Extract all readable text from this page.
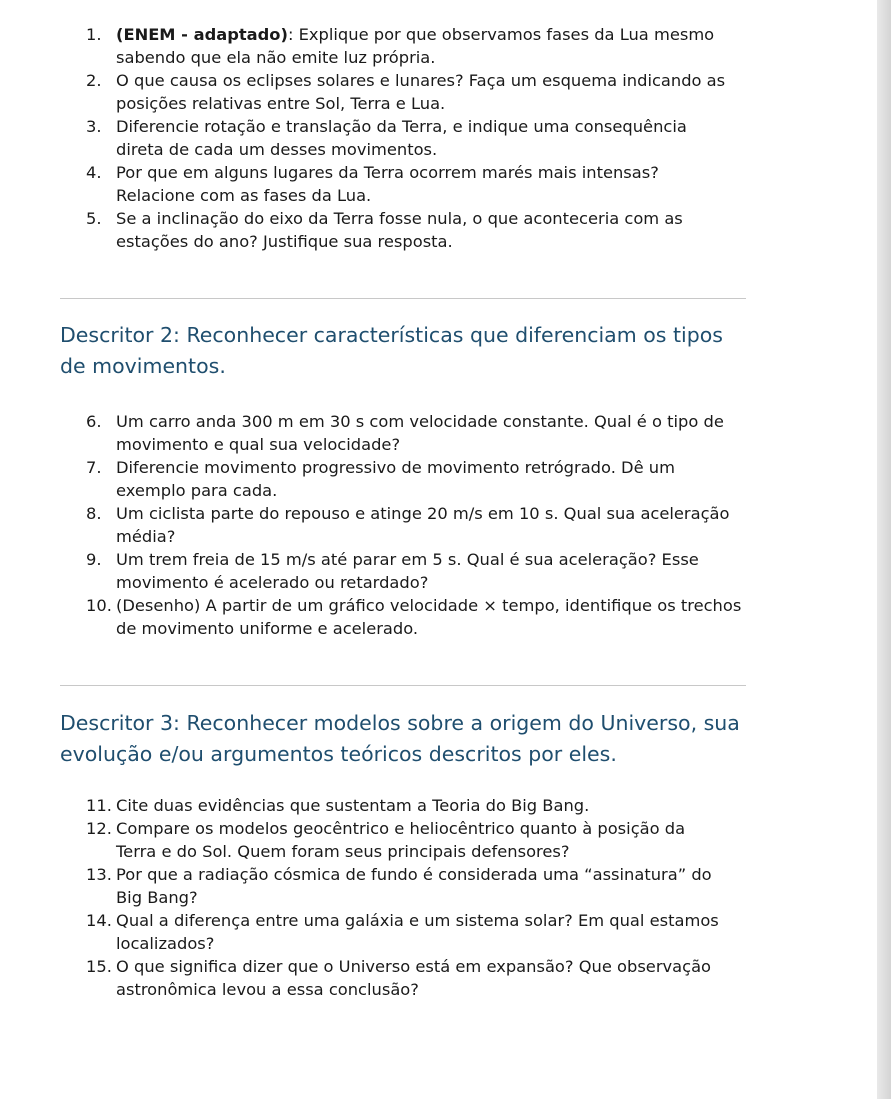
1. (ENEM - adaptado): Explique por que observamos fases da Lua mesmo sabendo que ela não emite luz própria.
2. O que causa os eclipses solares e lunares? Faça um esquema indicando as posições relativas entre Sol, Terra e Lua.
3. Diferencie rotação e translação da Terra, e indique uma consequência direta de cada um desses movimentos.
4. Por que em alguns lugares da Terra ocorrem marés mais intensas? Relacione com as fases da Lua.
5. Se a inclinação do eixo da Terra fosse nula, o que aconteceria com as estações do ano? Justifique sua resposta.
Descritor 2: Reconhecer características que diferenciam os tipos de movimentos.
6. Um carro anda 300 m em 30 s com velocidade constante. Qual é o tipo de movimento e qual sua velocidade?
7. Diferencie movimento progressivo de movimento retrógrado. Dê um exemplo para cada.
8. Um ciclista parte do repouso e atinge 20 m/s em 10 s. Qual sua aceleração média?
9. Um trem freia de 15 m/s até parar em 5 s. Qual é sua aceleração? Esse movimento é acelerado ou retardado?
10. (Desenho) A partir de um gráfico velocidade × tempo, identifique os trechos de movimento uniforme e acelerado.
Descritor 3: Reconhecer modelos sobre a origem do Universo, sua evolução e/ou argumentos teóricos descritos por eles.
11. Cite duas evidências que sustentam a Teoria do Big Bang.
12. Compare os modelos geocêntrico e heliocêntrico quanto à posição da Terra e do Sol. Quem foram seus principais defensores?
13. Por que a radiação cósmica de fundo é considerada uma “assinatura” do Big Bang?
14. Qual a diferença entre uma galáxia e um sistema solar? Em qual estamos localizados?
15. O que significa dizer que o Universo está em expansão? Que observação astronômica levou a essa conclusão?
